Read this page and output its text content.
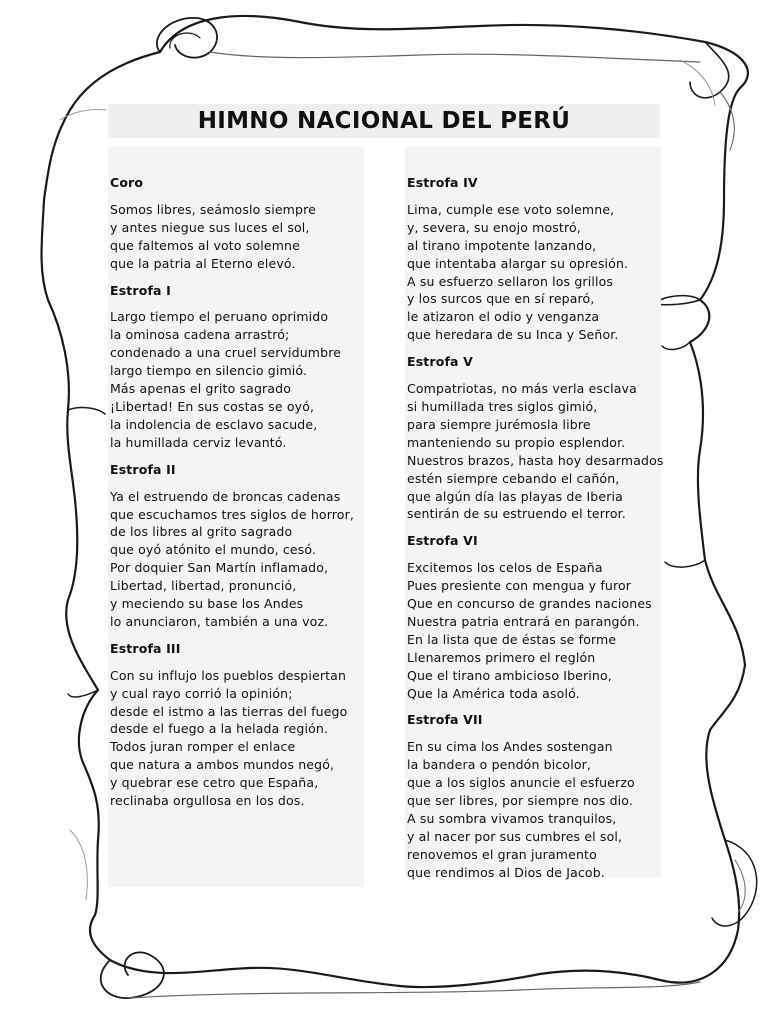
HIMNO NACIONAL DEL PERÚ
Coro
Somos libres, seámoslo siempre
y antes niegue sus luces el sol,
que faltemos al voto solemne
que la patria al Eterno elevó.
Estrofa I
Largo tiempo el peruano oprimido
la ominosa cadena arrastró;
condenado a una cruel servidumbre
largo tiempo en silencio gimió.
Más apenas el grito sagrado
¡Libertad! En sus costas se oyó,
la indolencia de esclavo sacude,
la humillada cerviz levantó.
Estrofa II
Ya el estruendo de broncas cadenas
que escuchamos tres siglos de horror,
de los libres al grito sagrado
que oyó atónito el mundo, cesó.
Por doquier San Martín inflamado,
Libertad, libertad, pronunció,
y meciendo su base los Andes
lo anunciaron, también a una voz.
Estrofa III
Con su influjo los pueblos despiertan
y cual rayo corrió la opinión;
desde el istmo a las tierras del fuego
desde el fuego a la helada región.
Todos juran romper el enlace
que natura a ambos mundos negó,
y quebrar ese cetro que España,
reclinaba orgullosa en los dos.
Estrofa IV
Lima, cumple ese voto solemne,
y, severa, su enojo mostró,
al tirano impotente lanzando,
que intentaba alargar su opresión.
A su esfuerzo sellaron los grillos
y los surcos que en sí reparó,
le atizaron el odio y venganza
que heredara de su Inca y Señor.
Estrofa V
Compatriotas, no más verla esclava
si humillada tres siglos gimió,
para siempre jurémosla libre
manteniendo su propio esplendor.
Nuestros brazos, hasta hoy desarmados
estén siempre cebando el cañón,
que algún día las playas de Iberia
sentirán de su estruendo el terror.
Estrofa VI
Excitemos los celos de España
Pues presiente con mengua y furor
Que en concurso de grandes naciones
Nuestra patria entrará en parangón.
En la lista que de éstas se forme
Llenaremos primero el reglón
Que el tirano ambicioso Iberino,
Que la América toda asoló.
Estrofa VII
En su cima los Andes sostengan
la bandera o pendón bicolor,
que a los siglos anuncie el esfuerzo
que ser libres, por siempre nos dio.
A su sombra vivamos tranquilos,
y al nacer por sus cumbres el sol,
renovemos el gran juramento
que rendimos al Dios de Jacob.
